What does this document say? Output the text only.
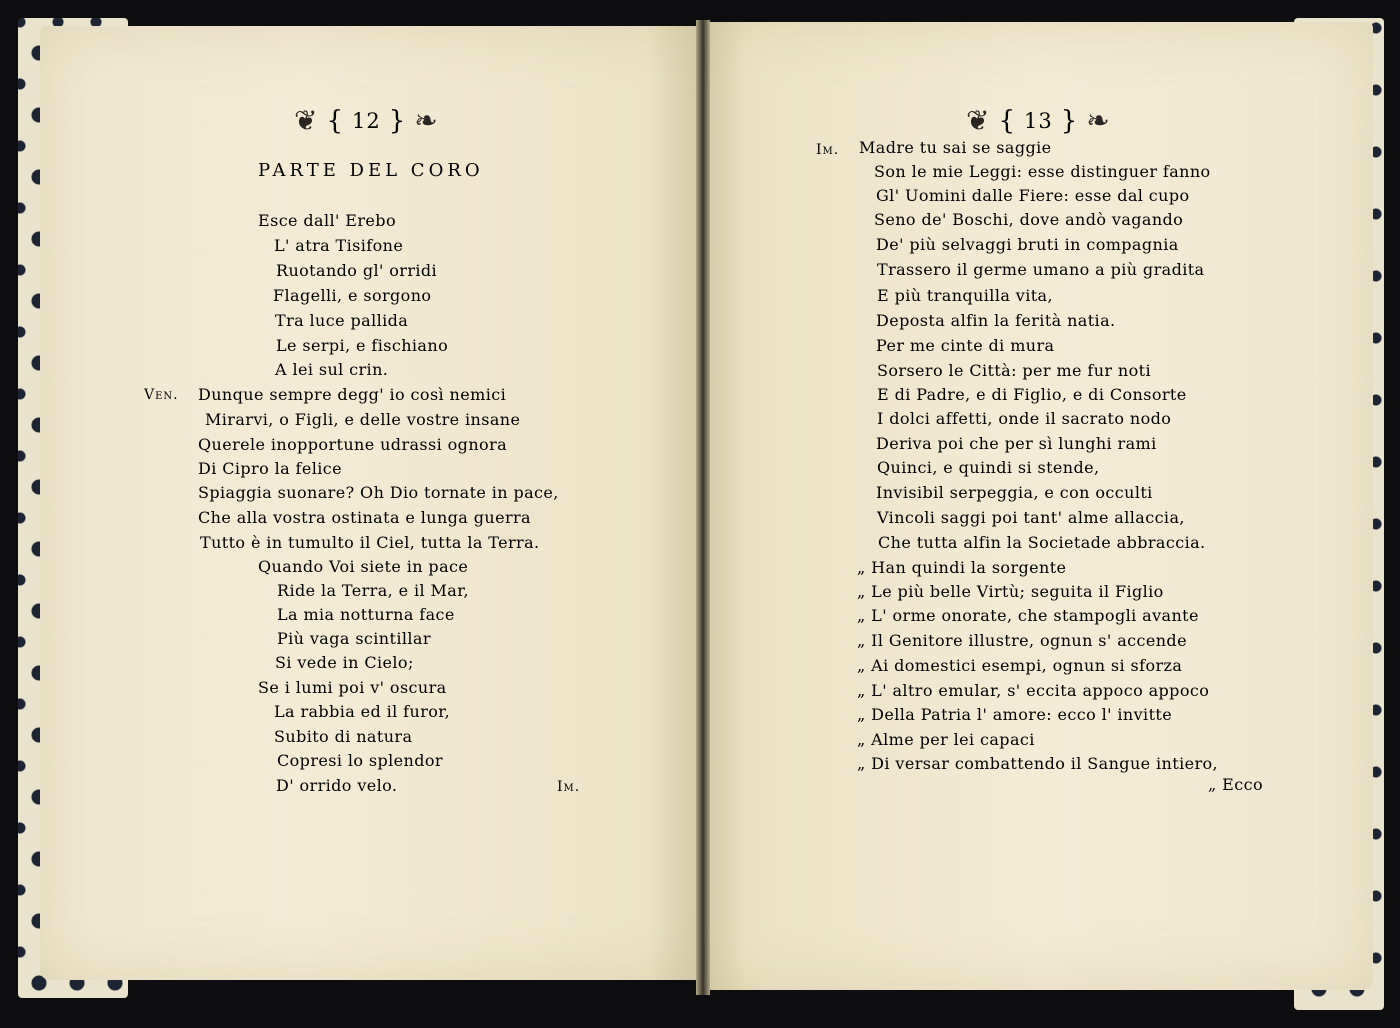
❦ { 12 } ❧
PARTE DEL CORO
Esce dall' Erebo
L' atra Tisifone
Ruotando gl' orridi
Flagelli, e sorgono
Tra luce pallida
Le serpi, e fischiano
A lei sul crin.
Ven. Dunque sempre degg' io così nemici
Mirarvi, o Figli, e delle vostre insane
Querele inopportune udrassi ognora
Di Cipro la felice
Spiaggia suonare? Oh Dio tornate in pace,
Che alla vostra ostinata e lunga guerra
Tutto è in tumulto il Ciel, tutta la Terra.
Quando Voi siete in pace
Ride la Terra, e il Mar,
La mia notturna face
Più vaga scintillar
Si vede in Cielo;
Se i lumi poi v' oscura
La rabbia ed il furor,
Subito di natura
Copresi lo splendor
D' orrido velo.	Im.
❦ { 13 } ❧
Im. Madre tu sai se saggie
Son le mie Leggi: esse distinguer fanno
Gl' Uomini dalle Fiere: esse dal cupo
Seno de' Boschi, dove andò vagando
De' più selvaggi bruti in compagnia
Trassero il germe umano a più gradita
E più tranquilla vita,
Deposta alfin la ferità natia.
Per me cinte di mura
Sorsero le Città: per me fur noti
E di Padre, e di Figlio, e di Consorte
I dolci affetti, onde il sacrato nodo
Deriva poi che per sì lunghi rami
Quinci, e quindi si stende,
Invisibil serpeggia, e con occulti
Vincoli saggi poi tant' alme allaccia,
Che tutta alfin la Societade abbraccia.
„ Han quindi la sorgente
„ Le più belle Virtù; seguita il Figlio
„ L' orme onorate, che stampogli avante
„ Il Genitore illustre, ognun s' accende
„ Ai domestici esempi, ognun si sforza
„ L' altro emular, s' eccita appoco appoco
„ Della Patria l' amore: ecco l' invitte
„ Alme per lei capaci
„ Di versar combattendo il Sangue intiero,
„ Ecco
